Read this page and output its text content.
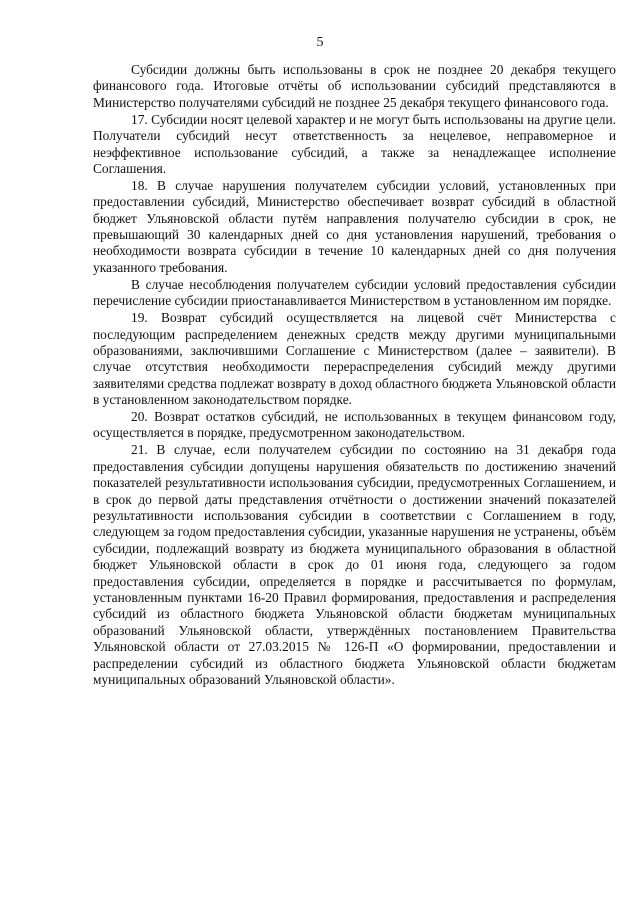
5

Субсидии должны быть использованы в срок не позднее 20 декабря текущего финансового года. Итоговые отчёты об использовании субсидий представляются в Министерство получателями субсидий не позднее 25 декабря текущего финансового года.

17. Субсидии носят целевой характер и не могут быть использованы на другие цели. Получатели субсидий несут ответственность за нецелевое, неправомерное и неэффективное использование субсидий, а также за ненадлежащее исполнение Соглашения.

18. В случае нарушения получателем субсидии условий, установленных при предоставлении субсидий, Министерство обеспечивает возврат субсидий в областной бюджет Ульяновской области путём направления получателю субсидии в срок, не превышающий 30 календарных дней со дня установления нарушений, требования о необходимости возврата субсидии в течение 10 календарных дней со дня получения указанного требования.

В случае несоблюдения получателем субсидии условий предоставления субсидии перечисление субсидии приостанавливается Министерством в установленном им порядке.

19. Возврат субсидий осуществляется на лицевой счёт Министерства с последующим распределением денежных средств между другими муниципальными образованиями, заключившими Соглашение с Министерством (далее – заявители). В случае отсутствия необходимости перераспределения субсидий между другими заявителями средства подлежат возврату в доход областного бюджета Ульяновской области в установленном законодательством порядке.

20. Возврат остатков субсидий, не использованных в текущем финансовом году, осуществляется в порядке, предусмотренном законодательством.

21. В случае, если получателем субсидии по состоянию на 31 декабря года предоставления субсидии допущены нарушения обязательств по достижению значений показателей результативности использования субсидии, предусмотренных Соглашением, и в срок до первой даты представления отчётности о достижении значений показателей результативности использования субсидии в соответствии с Соглашением в году, следующем за годом предоставления субсидии, указанные нарушения не устранены, объём субсидии, подлежащий возврату из бюджета муниципального образования в областной бюджет Ульяновской области в срок до 01 июня года, следующего за годом предоставления субсидии, определяется в порядке и рассчитывается по формулам, установленным пунктами 16-20 Правил формирования, предоставления и распределения субсидий из областного бюджета Ульяновской области бюджетам муниципальных образований Ульяновской области, утверждённых постановлением Правительства Ульяновской области от 27.03.2015 № 126-П «О формировании, предоставлении и распределении субсидий из областного бюджета Ульяновской области бюджетам муниципальных образований Ульяновской области».
